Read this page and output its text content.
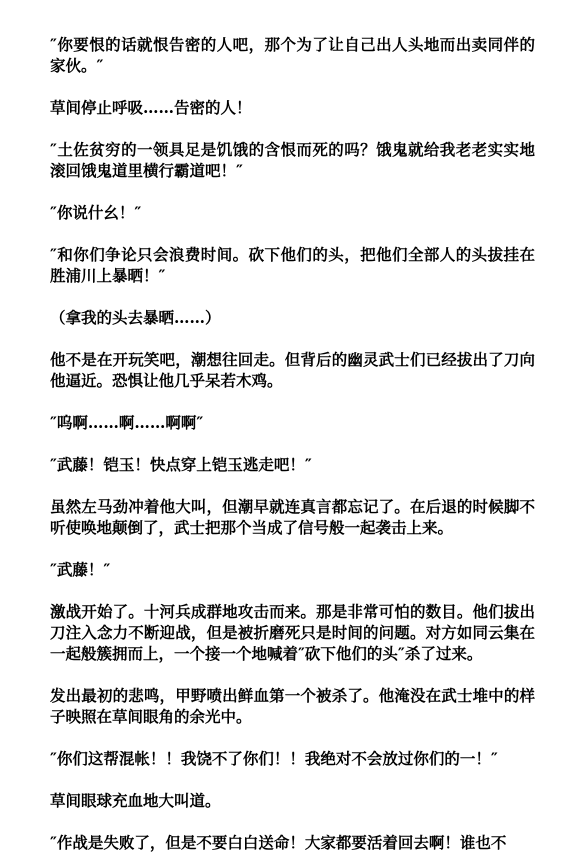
″你要恨的话就恨告密的人吧，那个为了让自己出人头地而出卖同伴的家伙。″

草间停止呼吸……告密的人！

″土佐贫穷的一领具足是饥饿的含恨而死的吗？饿鬼就给我老老实实地滚回饿鬼道里横行霸道吧！″

″你说什幺！″

″和你们争论只会浪费时间。砍下他们的头，把他们全部人的头拔挂在胜浦川上暴晒！″

（拿我的头去暴晒……）

他不是在开玩笑吧，潮想往回走。但背后的幽灵武士们已经拔出了刀向他逼近。恐惧让他几乎呆若木鸡。

″呜啊……啊……啊啊″

″武藤！铠玉！快点穿上铠玉逃走吧！″

虽然左马劲冲着他大叫，但潮早就连真言都忘记了。在后退的时候脚不听使唤地颠倒了，武士把那个当成了信号般一起袭击上来。

″武藤！″

激战开始了。十河兵成群地攻击而来。那是非常可怕的数目。他们拔出刀注入念力不断迎战，但是被折磨死只是时间的问题。对方如同云集在一起般簇拥而上，一个接一个地喊着″砍下他们的头″杀了过来。

发出最初的悲鸣，甲野喷出鲜血第一个被杀了。他淹没在武士堆中的样子映照在草间眼角的余光中。

″你们这帮混帐！！我饶不了你们！！我绝对不会放过你们的一！″

草间眼球充血地大叫道。

″作战是失败了，但是不要白白送命！大家都要活着回去啊！谁也不
